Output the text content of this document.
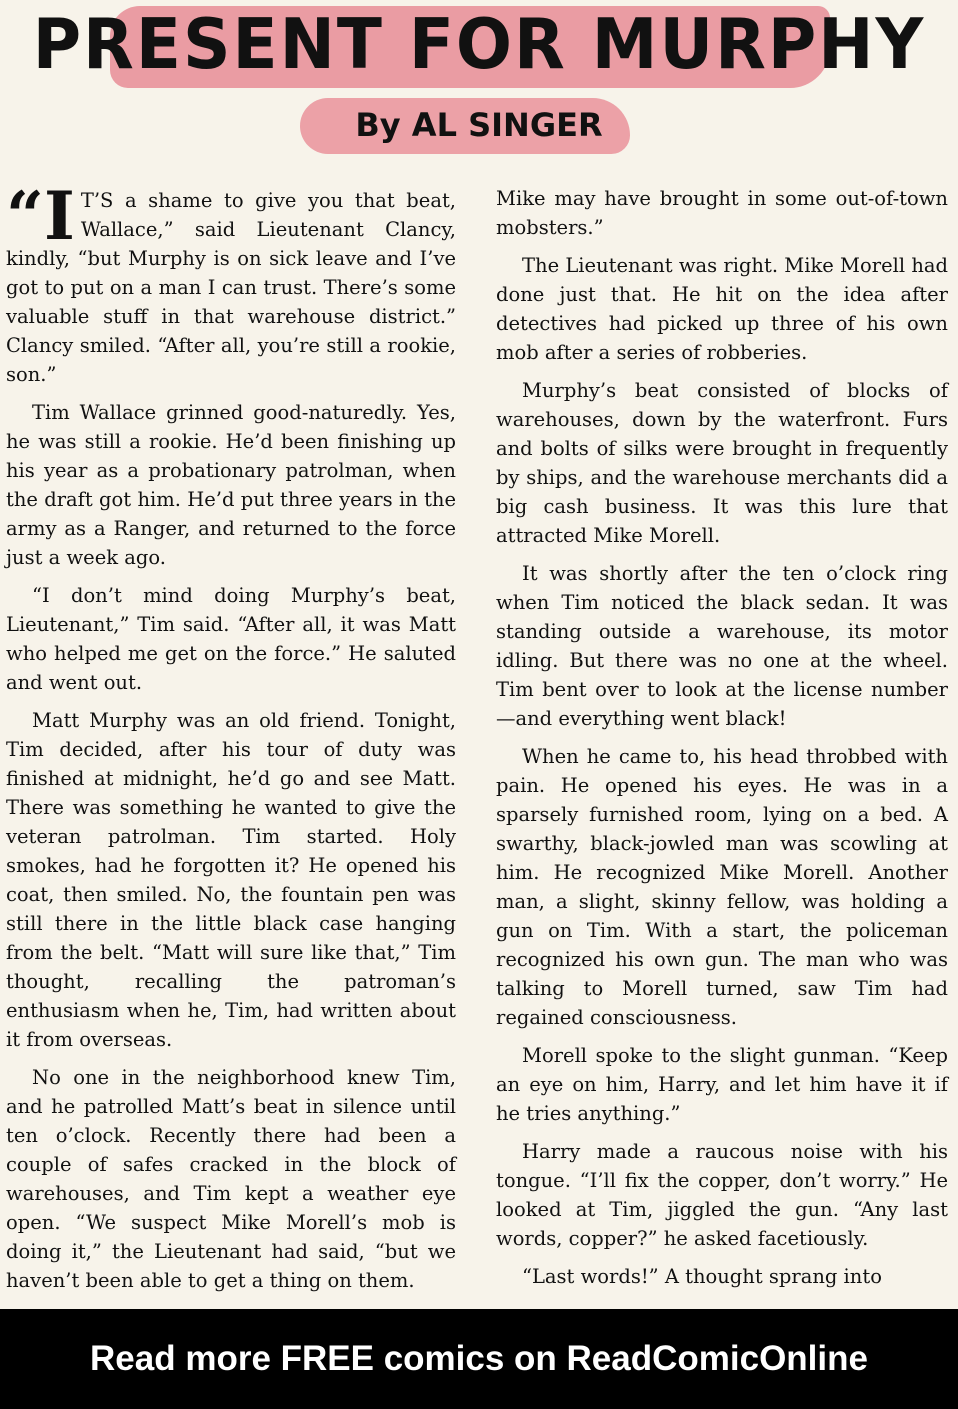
PRESENT FOR MURPHY
By AL SINGER

“I T’S a shame to give you that beat, Wallace,” said Lieutenant Clancy, kindly, “but Murphy is on sick leave and I’ve got to put on a man I can trust. There’s some valuable stuff in that warehouse district.” Clancy smiled. “After all, you’re still a rookie, son.”

Tim Wallace grinned good-naturedly. Yes, he was still a rookie. He’d been finishing up his year as a probationary patrolman, when the draft got him. He’d put three years in the army as a Ranger, and returned to the force just a week ago.

“I don’t mind doing Murphy’s beat, Lieutenant,” Tim said. “After all, it was Matt who helped me get on the force.” He saluted and went out.

Matt Murphy was an old friend. Tonight, Tim decided, after his tour of duty was finished at midnight, he’d go and see Matt. There was something he wanted to give the veteran patrolman. Tim started. Holy smokes, had he forgotten it? He opened his coat, then smiled. No, the fountain pen was still there in the little black case hanging from the belt. “Matt will sure like that,” Tim thought, recalling the patroman’s enthusiasm when he, Tim, had written about it from overseas.

No one in the neighborhood knew Tim, and he patrolled Matt’s beat in silence until ten o’clock. Recently there had been a couple of safes cracked in the block of warehouses, and Tim kept a weather eye open. “We suspect Mike Morell’s mob is doing it,” the Lieutenant had said, “but we haven’t been able to get a thing on them.

Mike may have brought in some out-of-town mobsters.”

The Lieutenant was right. Mike Morell had done just that. He hit on the idea after detectives had picked up three of his own mob after a series of robberies.

Murphy’s beat consisted of blocks of warehouses, down by the waterfront. Furs and bolts of silks were brought in frequently by ships, and the warehouse merchants did a big cash business. It was this lure that attracted Mike Morell.

It was shortly after the ten o’clock ring when Tim noticed the black sedan. It was standing outside a warehouse, its motor idling. But there was no one at the wheel. Tim bent over to look at the license number—and everything went black!

When he came to, his head throbbed with pain. He opened his eyes. He was in a sparsely furnished room, lying on a bed. A swarthy, black-jowled man was scowling at him. He recognized Mike Morell. Another man, a slight, skinny fellow, was holding a gun on Tim. With a start, the policeman recognized his own gun. The man who was talking to Morell turned, saw Tim had regained consciousness.

Morell spoke to the slight gunman. “Keep an eye on him, Harry, and let him have it if he tries anything.”

Harry made a raucous noise with his tongue. “I’ll fix the copper, don’t worry.” He looked at Tim, jiggled the gun. “Any last words, copper?” he asked facetiously.

“Last words!” A thought sprang into

Read more FREE comics on ReadComicOnline
